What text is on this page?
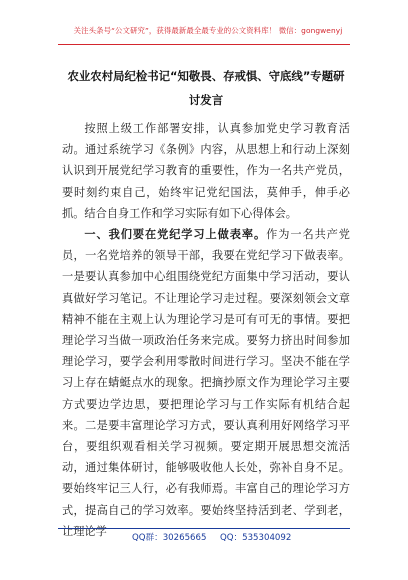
关注头条号“公文研究”，获得最新最全最专业的公文资料库！ 微信：gongwenyj
农业农村局纪检书记“知敬畏、存戒惧、守底线”专题研讨发言

按照上级工作部署安排，认真参加党史学习教育活动。通过系统学习《条例》内容，从思想上和行动上深刻认识到开展党纪学习教育的重要性，作为一名共产党员，要时刻约束自己，始终牢记党纪国法，莫伸手，伸手必抓。结合自身工作和学习实际有如下心得体会。

一、我们要在党纪学习上做表率。作为一名共产党员，一名党培养的领导干部，我要在党纪学习下做表率。一是要认真参加中心组围绕党纪方面集中学习活动，要认真做好学习笔记。不让理论学习走过程。要深刻领会文章精神不能在主观上认为理论学习是可有可无的事情。要把理论学习当做一项政治任务来完成。要努力挤出时间参加理论学习，要学会利用零散时间进行学习。坚决不能在学习上存在蜻蜓点水的现象。把摘抄原文作为理论学习主要方式要边学边思，要把理论学习与工作实际有机结合起来。二是要丰富理论学习方式，要认真利用好网络学习平台，要组织观看相关学习视频。要定期开展思想交流活动，通过集体研讨，能够吸收他人长处，弥补自身不足。要始终牢记三人行，必有我师焉。丰富自己的理论学习方式，提高自己的学习效率。要始终坚持活到老、学到老，让理论学

QQ群：30265665 QQ：535304092
